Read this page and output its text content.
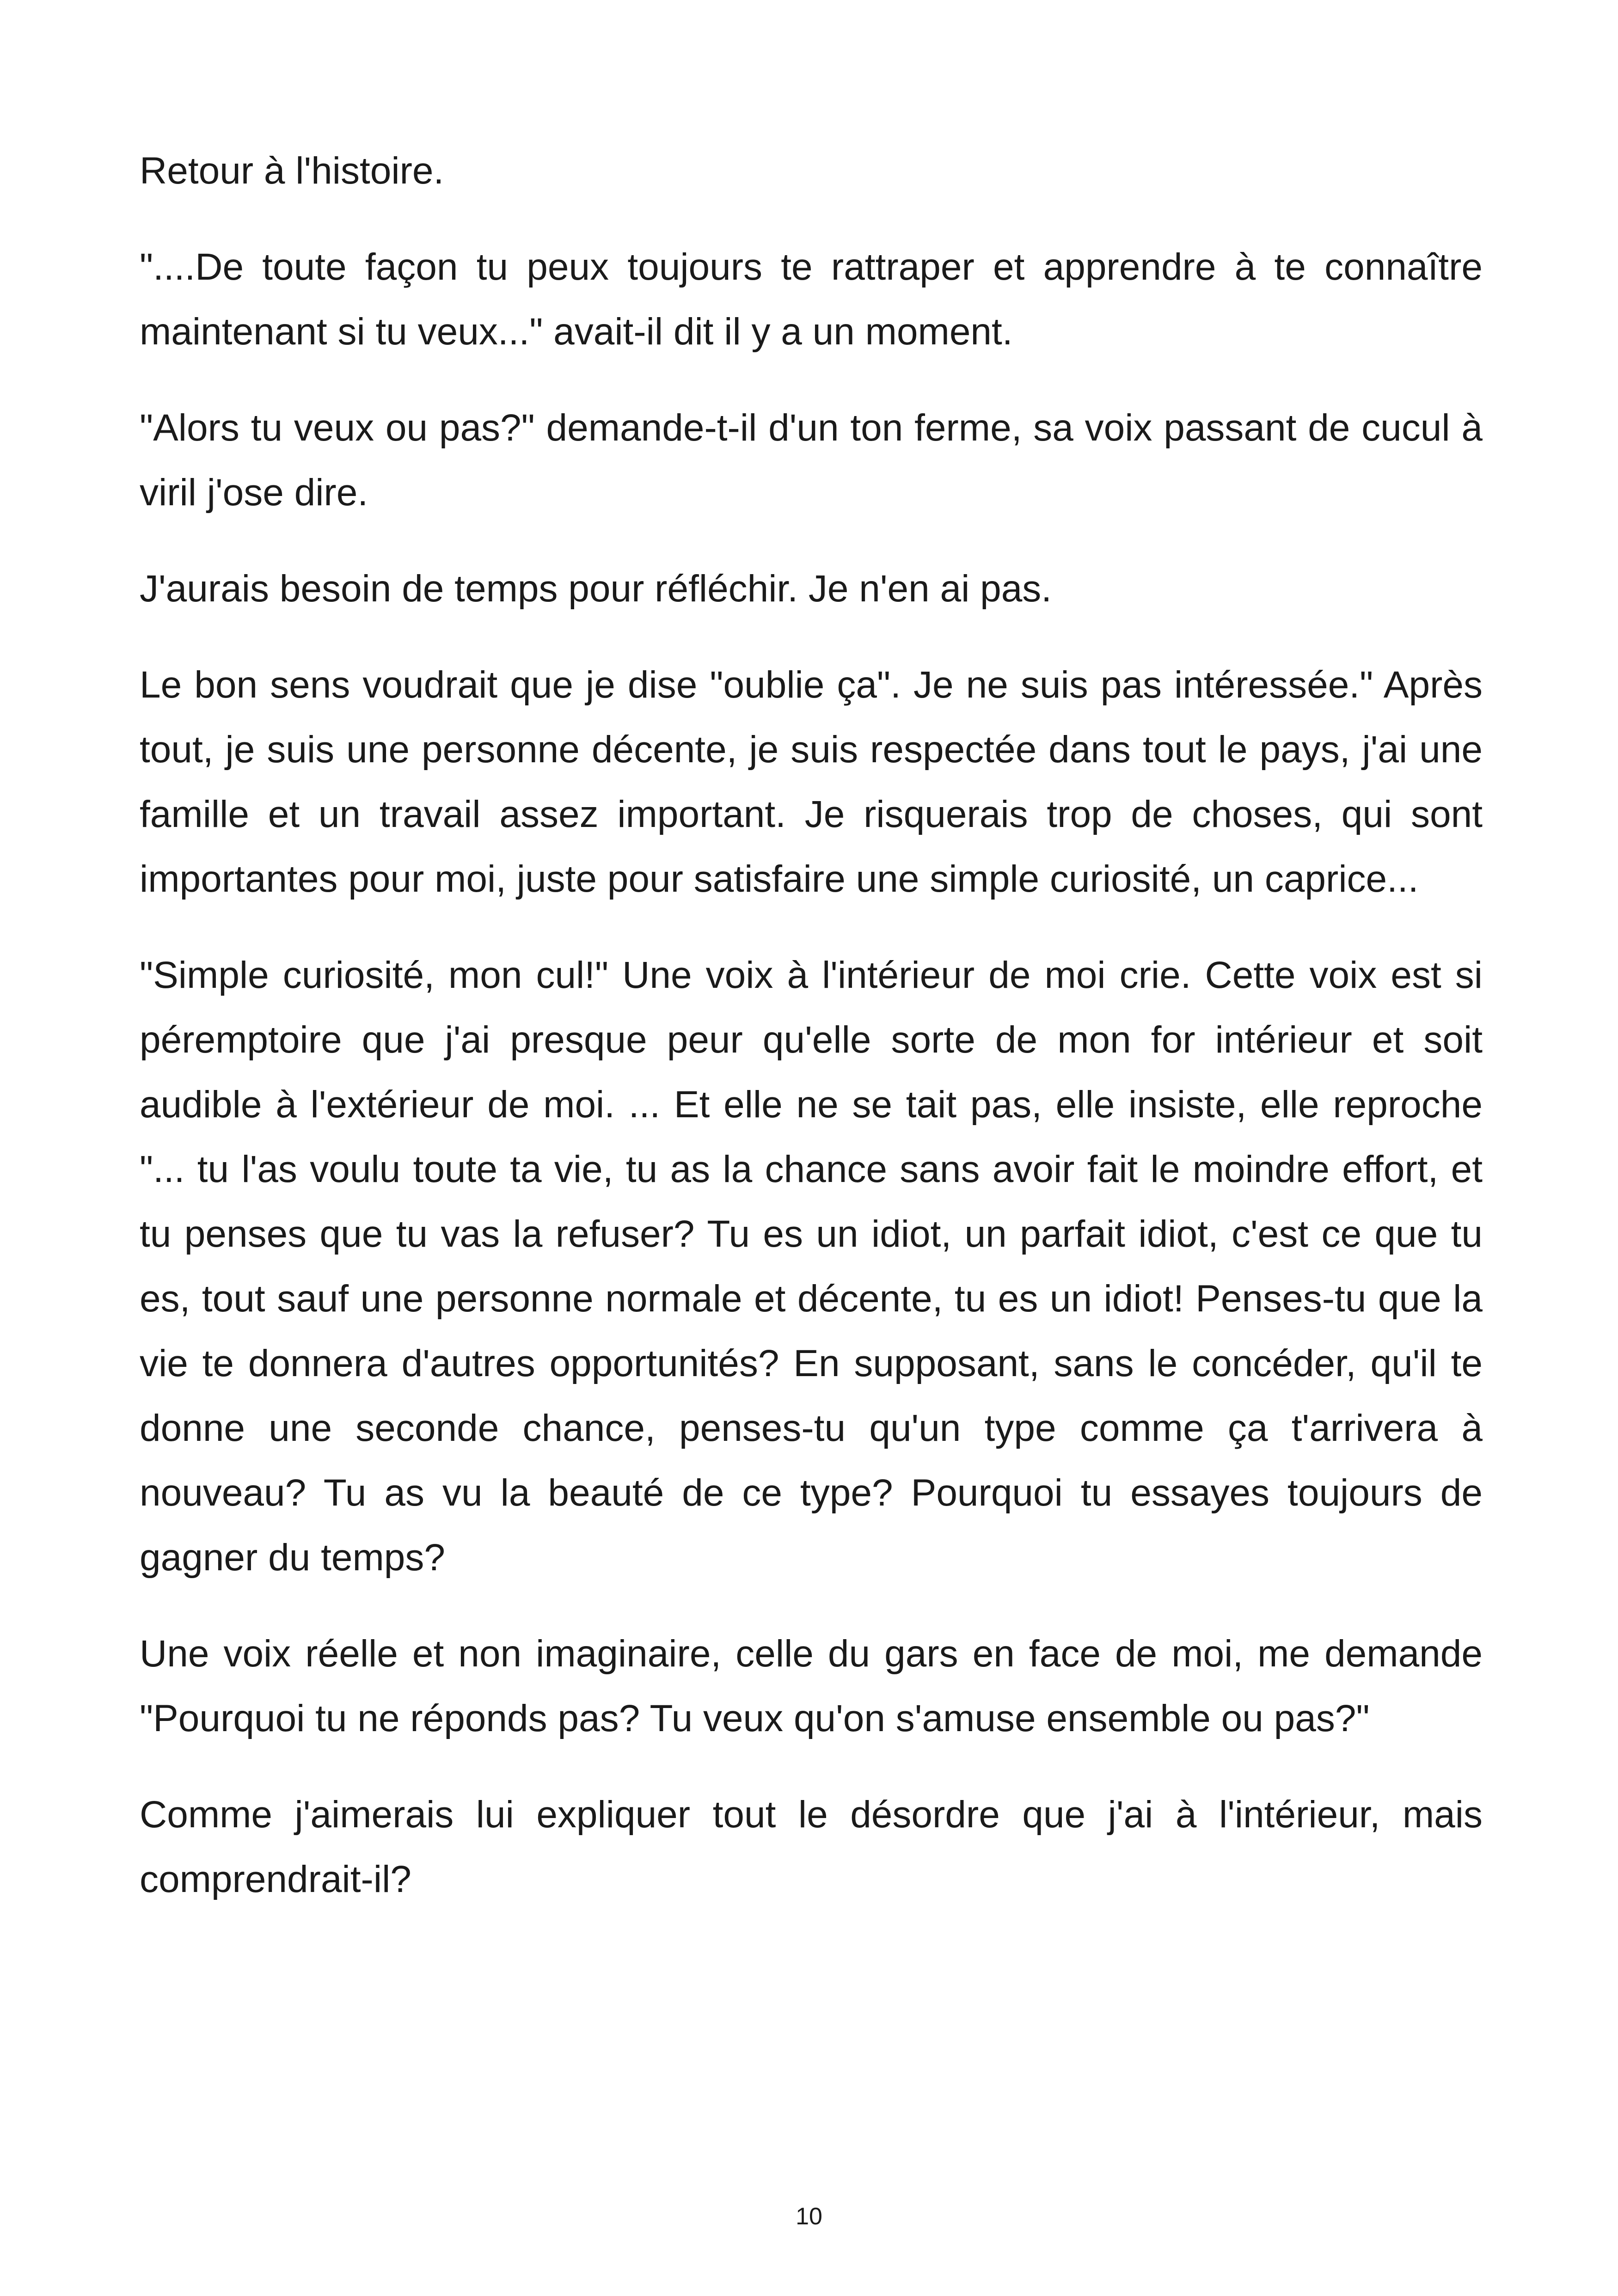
Retour à l'histoire.

"....De toute façon tu peux toujours te rattraper et apprendre à te connaître maintenant si tu veux..." avait-il dit il y a un moment.

"Alors tu veux ou pas?" demande-t-il d'un ton ferme, sa voix passant de cucul à viril j'ose dire.

J'aurais besoin de temps pour réfléchir. Je n'en ai pas.

Le bon sens voudrait que je dise "oublie ça". Je ne suis pas intéressée." Après tout, je suis une personne décente, je suis respectée dans tout le pays, j'ai une famille et un travail assez important. Je risquerais trop de choses, qui sont importantes pour moi, juste pour satisfaire une simple curiosité, un caprice...

"Simple curiosité, mon cul!" Une voix à l'intérieur de moi crie. Cette voix est si péremptoire que j'ai presque peur qu'elle sorte de mon for intérieur et soit audible à l'extérieur de moi. ... Et elle ne se tait pas, elle insiste, elle reproche "... tu l'as voulu toute ta vie, tu as la chance sans avoir fait le moindre effort, et tu penses que tu vas la refuser? Tu es un idiot, un parfait idiot, c'est ce que tu es, tout sauf une personne normale et décente, tu es un idiot! Penses-tu que la vie te donnera d'autres opportunités? En supposant, sans le concéder, qu'il te donne une seconde chance, penses-tu qu'un type comme ça t'arrivera à nouveau? Tu as vu la beauté de ce type? Pourquoi tu essayes toujours de gagner du temps?

Une voix réelle et non imaginaire, celle du gars en face de moi, me demande "Pourquoi tu ne réponds pas? Tu veux qu'on s'amuse ensemble ou pas?"

Comme j'aimerais lui expliquer tout le désordre que j'ai à l'intérieur, mais comprendrait-il?

10
